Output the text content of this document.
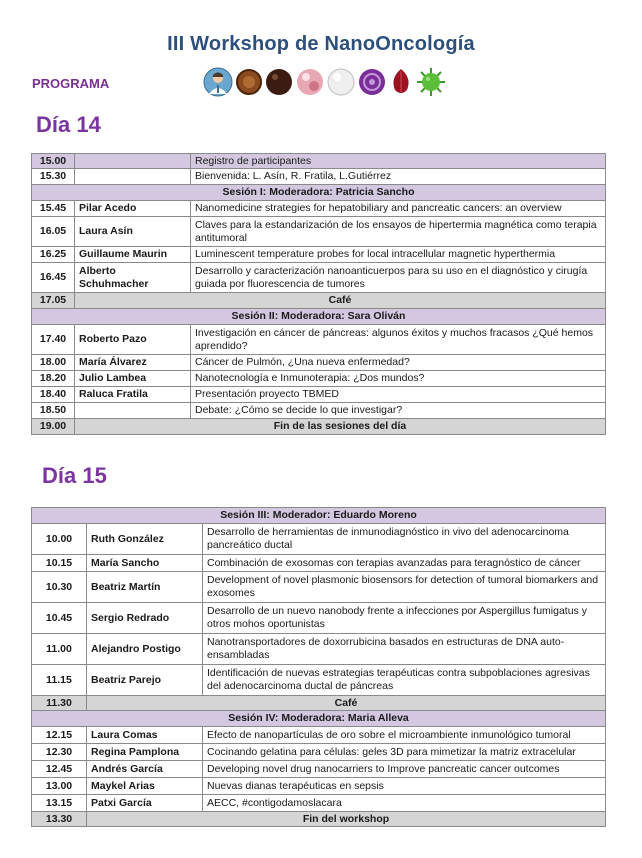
III Workshop de NanoOncología
PROGRAMA
Día 14
15.00		Registro de participantes
15.30		Bienvenida: L. Asín, R. Fratila, L.Gutiérrez
Sesión I: Moderadora: Patricia Sancho		
15.45	Pilar Acedo	Nanomedicine strategies for hepatobiliary and pancreatic cancers: an overview
16.05	Laura Asín	Claves para la estandarización de los ensayos de hipertermia magnética como terapia antitumoral
16.25	Guillaume Maurin	Luminescent temperature probes for local intracellular magnetic hyperthermia
16.45	Alberto Schuhmacher	Desarrollo y caracterización nanoanticuerpos para su uso en el diagnóstico y cirugía guiada por fluorescencia de tumores
17.05	Café	
Sesión II: Moderadora: Sara Oliván		
17.40	Roberto Pazo	Investigación en cáncer de páncreas: algunos éxitos y muchos fracasos ¿Qué hemos aprendido?
18.00	María Álvarez	Cáncer de Pulmón, ¿Una nueva enfermedad?
18.20	Julio Lambea	Nanotecnología e Inmunoterapia: ¿Dos mundos?
18.40	Raluca Fratila	Presentación proyecto TBMED
18.50		Debate: ¿Cómo se decide lo que investigar?
19.00	Fin de las sesiones del día	
Día 15
Sesión III: Moderador: Eduardo Moreno		
10.00	Ruth González	Desarrollo de herramientas de inmunodiagnóstico in vivo del adenocarcinoma pancreático ductal
10.15	María Sancho	Combinación de exosomas con terapias avanzadas para teragnóstico de cáncer
10.30	Beatriz Martín	Development of novel plasmonic biosensors for detection of tumoral biomarkers and exosomes
10.45	Sergio Redrado	Desarrollo de un nuevo nanobody frente a infecciones por Aspergillus fumigatus y otros mohos oportunistas
11.00	Alejandro Postigo	Nanotransportadores de doxorrubicina basados en estructuras de DNA auto-ensambladas
11.15	Beatriz Parejo	Identificación de nuevas estrategias terapéuticas contra subpoblaciones agresivas del adenocarcinoma ductal de páncreas
11.30	Café	
Sesión IV: Moderadora: Maria Alleva		
12.15	Laura Comas	Efecto de nanopartículas de oro sobre el microambiente inmunológico tumoral
12.30	Regina Pamplona	Cocinando gelatina para células: geles 3D para mimetizar la matriz extracelular
12.45	Andrés García	Developing novel drug nanocarriers to Improve pancreatic cancer outcomes
13.00	Maykel Arias	Nuevas dianas terapéuticas en sepsis
13.15	Patxi García	AECC, #contigodamoslacara
13.30	Fin del workshop	
